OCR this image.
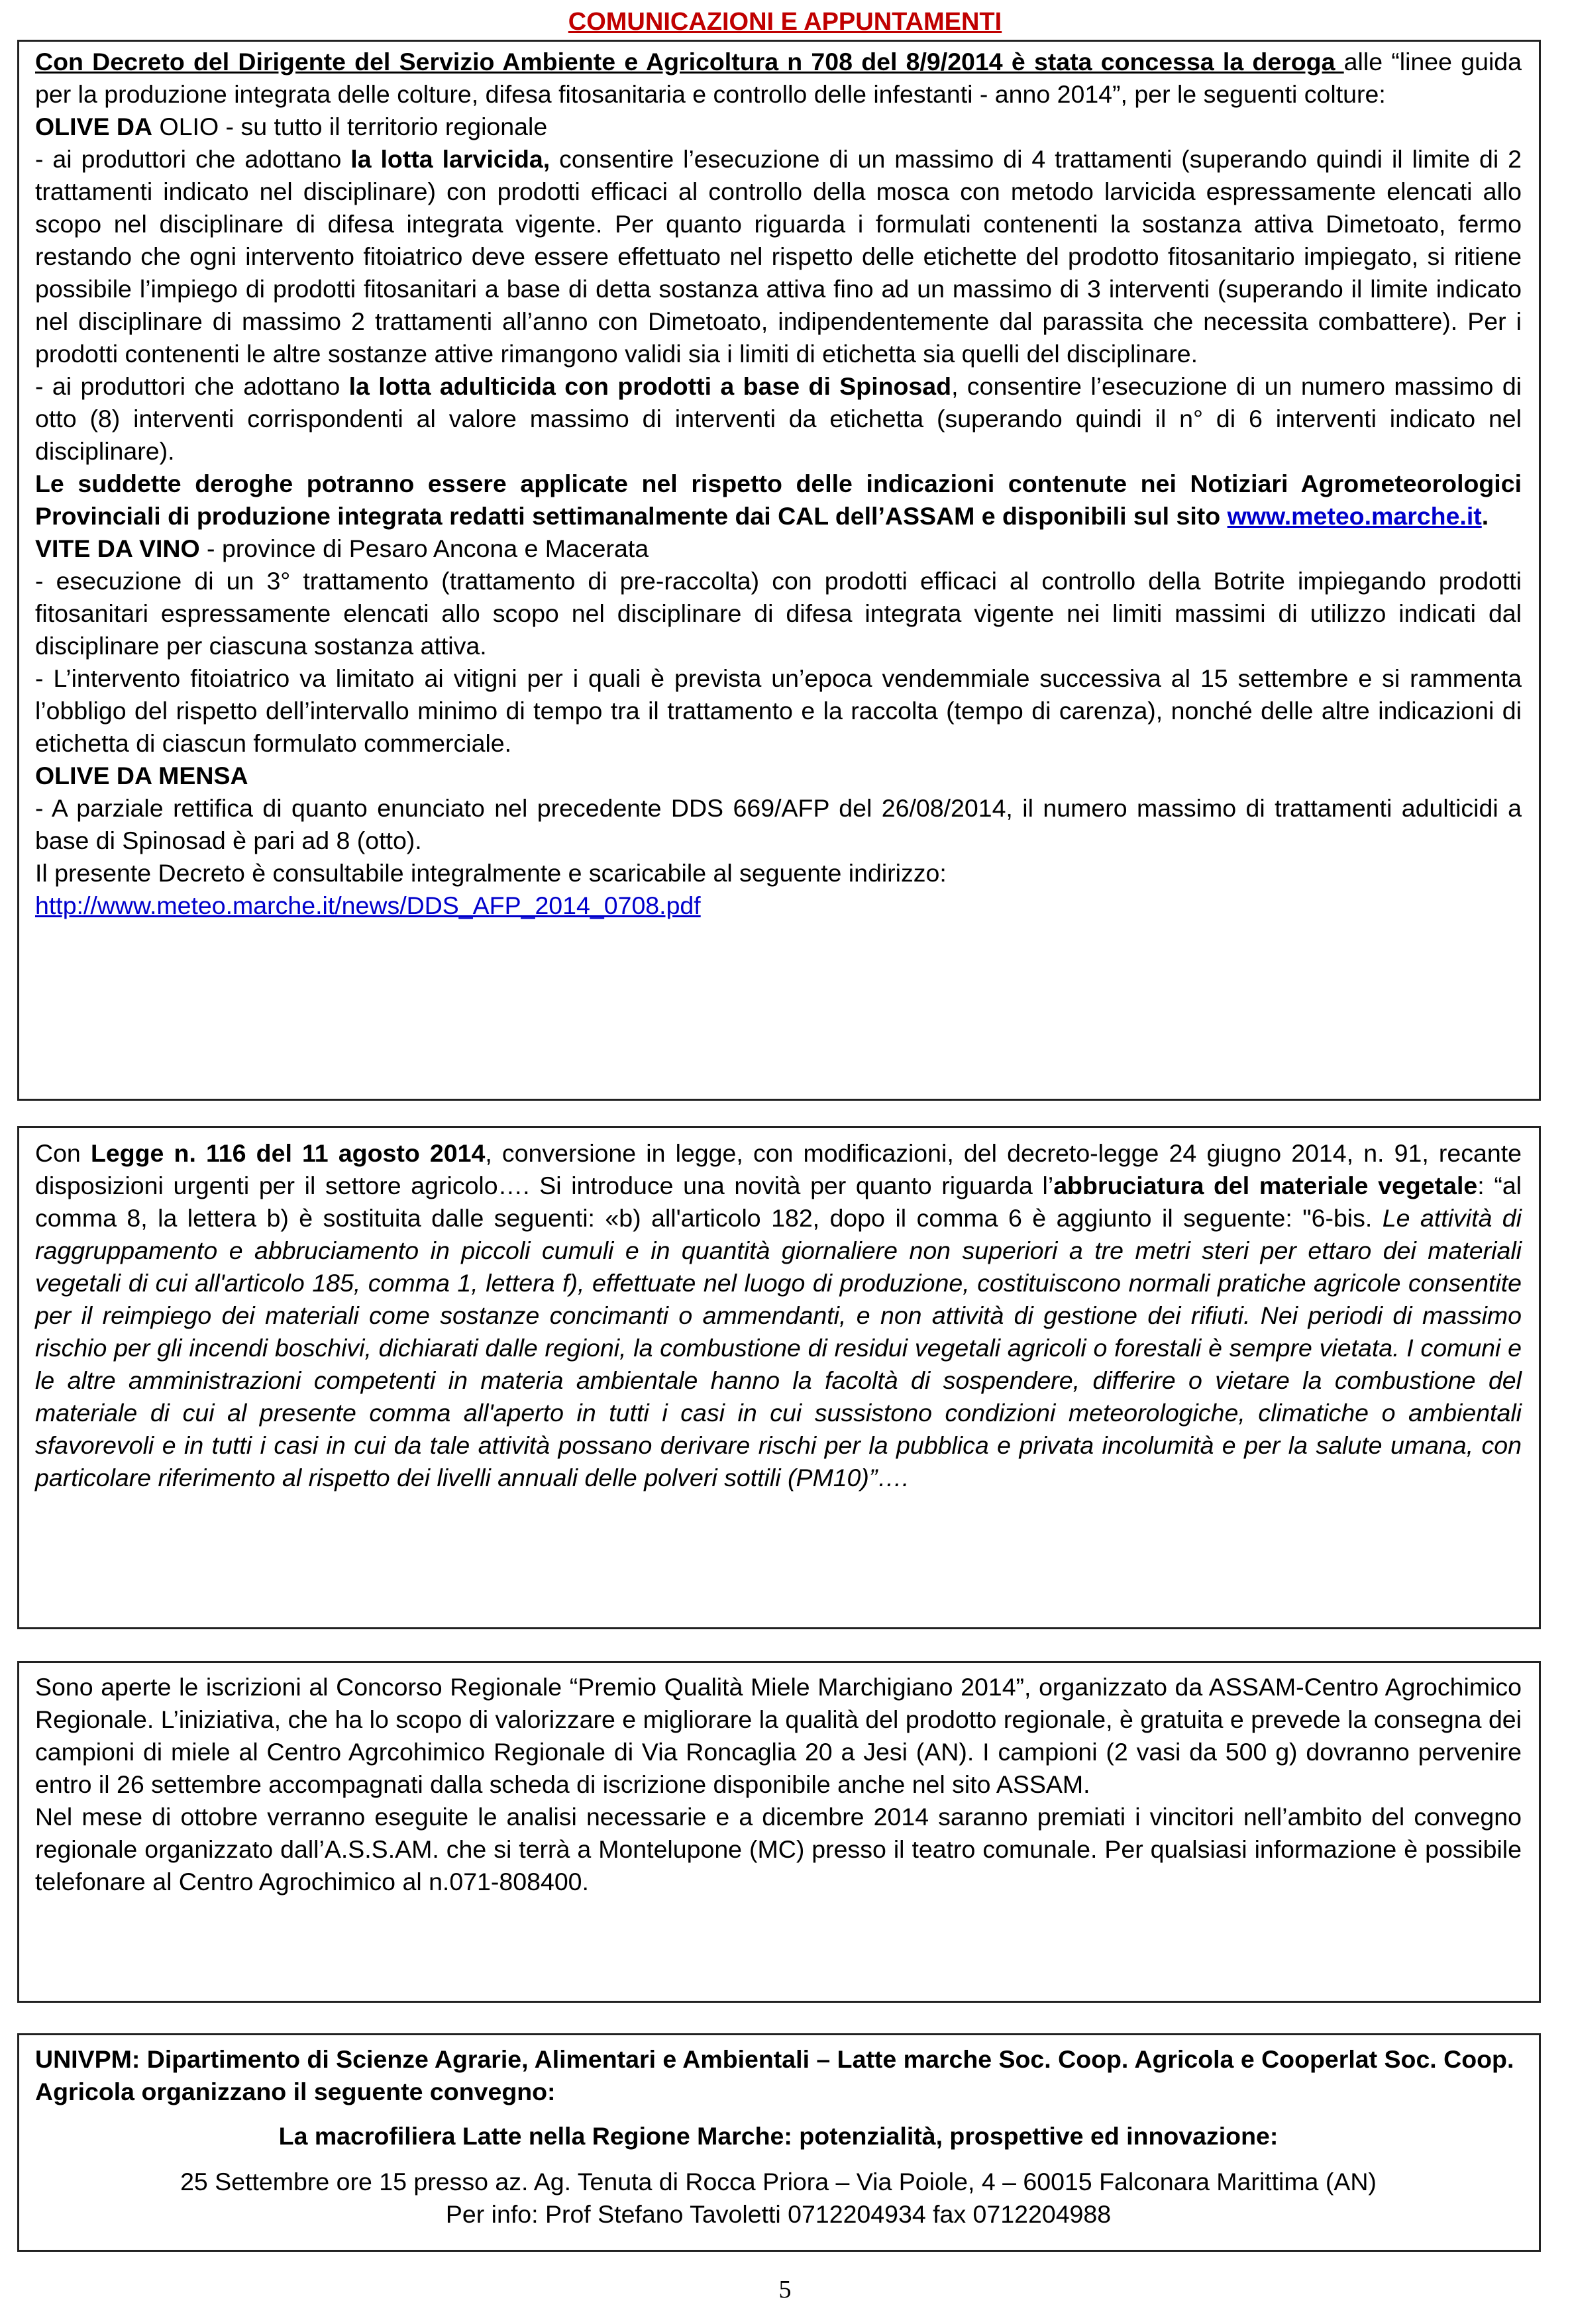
COMUNICAZIONI E APPUNTAMENTI

Con Decreto del Dirigente del Servizio Ambiente e Agricoltura n 708 del 8/9/2014 è stata concessa la deroga alle “linee guida per la produzione integrata delle colture, difesa fitosanitaria e controllo delle infestanti - anno 2014”, per le seguenti colture:

OLIVE DA OLIO - su tutto il territorio regionale

- ai produttori che adottano la lotta larvicida, consentire l’esecuzione di un massimo di 4 trattamenti (superando quindi il limite di 2 trattamenti indicato nel disciplinare) con prodotti efficaci al controllo della mosca con metodo larvicida espressamente elencati allo scopo nel disciplinare di difesa integrata vigente. Per quanto riguarda i formulati contenenti la sostanza attiva Dimetoato, fermo restando che ogni intervento fitoiatrico deve essere effettuato nel rispetto delle etichette del prodotto fitosanitario impiegato, si ritiene possibile l’impiego di prodotti fitosanitari a base di detta sostanza attiva fino ad un massimo di 3 interventi (superando il limite indicato nel disciplinare di massimo 2 trattamenti all’anno con Dimetoato, indipendentemente dal parassita che necessita combattere). Per i prodotti contenenti le altre sostanze attive rimangono validi sia i limiti di etichetta sia quelli del disciplinare.

- ai produttori che adottano la lotta adulticida con prodotti a base di Spinosad, consentire l’esecuzione di un numero massimo di otto (8) interventi corrispondenti al valore massimo di interventi da etichetta (superando quindi il n° di 6 interventi indicato nel disciplinare).

Le suddette deroghe potranno essere applicate nel rispetto delle indicazioni contenute nei Notiziari Agrometeorologici Provinciali di produzione integrata redatti settimanalmente dai CAL dell’ASSAM e disponibili sul sito www.meteo.marche.it.

VITE DA VINO - province di Pesaro Ancona e Macerata

- esecuzione di un 3° trattamento (trattamento di pre-raccolta) con prodotti efficaci al controllo della Botrite impiegando prodotti fitosanitari espressamente elencati allo scopo nel disciplinare di difesa integrata vigente nei limiti massimi di utilizzo indicati dal disciplinare per ciascuna sostanza attiva.

- L’intervento fitoiatrico va limitato ai vitigni per i quali è prevista un’epoca vendemmiale successiva al 15 settembre e si rammenta l’obbligo del rispetto dell’intervallo minimo di tempo tra il trattamento e la raccolta (tempo di carenza), nonché delle altre indicazioni di etichetta di ciascun formulato commerciale.

OLIVE DA MENSA

- A parziale rettifica di quanto enunciato nel precedente DDS 669/AFP del 26/08/2014, il numero massimo di trattamenti adulticidi a base di Spinosad è pari ad 8 (otto).

Il presente Decreto è consultabile integralmente e scaricabile al seguente indirizzo:

http://www.meteo.marche.it/news/DDS_AFP_2014_0708.pdf

Con Legge n. 116 del 11 agosto 2014, conversione in legge, con modificazioni, del decreto-legge 24 giugno 2014, n. 91, recante disposizioni urgenti per il settore agricolo…. Si introduce una novità per quanto riguarda l’abbruciatura del materiale vegetale: “al comma 8, la lettera b) è sostituita dalle seguenti: «b) all'articolo 182, dopo il comma 6 è aggiunto il seguente: "6-bis. Le attività di raggruppamento e abbruciamento in piccoli cumuli e in quantità giornaliere non superiori a tre metri steri per ettaro dei materiali vegetali di cui all'articolo 185, comma 1, lettera f), effettuate nel luogo di produzione, costituiscono normali pratiche agricole consentite per il reimpiego dei materiali come sostanze concimanti o ammendanti, e non attività di gestione dei rifiuti. Nei periodi di massimo rischio per gli incendi boschivi, dichiarati dalle regioni, la combustione di residui vegetali agricoli o forestali è sempre vietata. I comuni e le altre amministrazioni competenti in materia ambientale hanno la facoltà di sospendere, differire o vietare la combustione del materiale di cui al presente comma all'aperto in tutti i casi in cui sussistono condizioni meteorologiche, climatiche o ambientali sfavorevoli e in tutti i casi in cui da tale attività possano derivare rischi per la pubblica e privata incolumità e per la salute umana, con particolare riferimento al rispetto dei livelli annuali delle polveri sottili (PM10)”….

Sono aperte le iscrizioni al Concorso Regionale “Premio Qualità Miele Marchigiano 2014”, organizzato da ASSAM-Centro Agrochimico Regionale. L’iniziativa, che ha lo scopo di valorizzare e migliorare la qualità del prodotto regionale, è gratuita e prevede la consegna dei campioni di miele al Centro Agrcohimico Regionale di Via Roncaglia 20 a Jesi (AN). I campioni (2 vasi da 500 g) dovranno pervenire entro il 26 settembre accompagnati dalla scheda di iscrizione disponibile anche nel sito ASSAM.

Nel mese di ottobre verranno eseguite le analisi necessarie e a dicembre 2014 saranno premiati i vincitori nell’ambito del convegno regionale organizzato dall’A.S.S.AM. che si terrà a Montelupone (MC) presso il teatro comunale. Per qualsiasi informazione è possibile telefonare al Centro Agrochimico al n.071-808400.

UNIVPM: Dipartimento di Scienze Agrarie, Alimentari e Ambientali – Latte marche Soc. Coop. Agricola e Cooperlat Soc. Coop. Agricola organizzano il seguente convegno:

La macrofiliera Latte nella Regione Marche: potenzialità, prospettive ed innovazione:

25 Settembre ore 15 presso az. Ag. Tenuta di Rocca Priora – Via Poiole, 4 – 60015 Falconara Marittima (AN)

Per info: Prof Stefano Tavoletti 0712204934 fax 0712204988

5
